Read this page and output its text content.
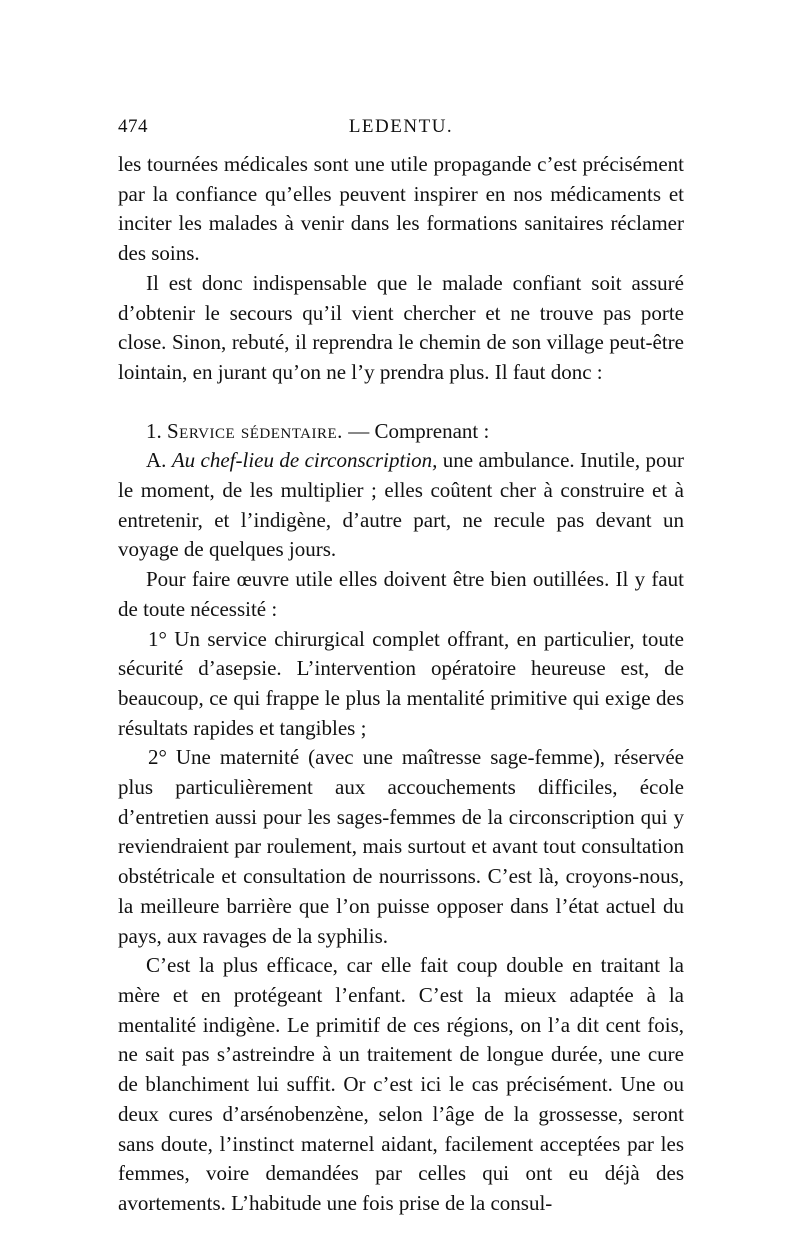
474	LEDENTU.

les tournées médicales sont une utile propagande c’est précisément par la confiance qu’elles peuvent inspirer en nos médicaments et inciter les malades à venir dans les formations sanitaires réclamer des soins.

Il est donc indispensable que le malade confiant soit assuré d’obtenir le secours qu’il vient chercher et ne trouve pas porte close. Sinon, rebuté, il reprendra le chemin de son village peut-être lointain, en jurant qu’on ne l’y prendra plus. Il faut donc :

1. Service sédentaire. — Comprenant :

A. Au chef-lieu de circonscription, une ambulance. Inutile, pour le moment, de les multiplier ; elles coûtent cher à construire et à entretenir, et l’indigène, d’autre part, ne recule pas devant un voyage de quelques jours.

Pour faire œuvre utile elles doivent être bien outillées. Il y faut de toute nécessité :

1° Un service chirurgical complet offrant, en particulier, toute sécurité d’asepsie. L’intervention opératoire heureuse est, de beaucoup, ce qui frappe le plus la mentalité primitive qui exige des résultats rapides et tangibles ;

2° Une maternité (avec une maîtresse sage-femme), réservée plus particulièrement aux accouchements difficiles, école d’entretien aussi pour les sages-femmes de la circonscription qui y reviendraient par roulement, mais surtout et avant tout consultation obstétricale et consultation de nourrissons. C’est là, croyons-nous, la meilleure barrière que l’on puisse opposer dans l’état actuel du pays, aux ravages de la syphilis.

C’est la plus efficace, car elle fait coup double en traitant la mère et en protégeant l’enfant. C’est la mieux adaptée à la mentalité indigène. Le primitif de ces régions, on l’a dit cent fois, ne sait pas s’astreindre à un traitement de longue durée, une cure de blanchiment lui suffit. Or c’est ici le cas précisément. Une ou deux cures d’arsénobenzène, selon l’âge de la grossesse, seront sans doute, l’instinct maternel aidant, facilement acceptées par les femmes, voire demandées par celles qui ont eu déjà des avortements. L’habitude une fois prise de la consul-
